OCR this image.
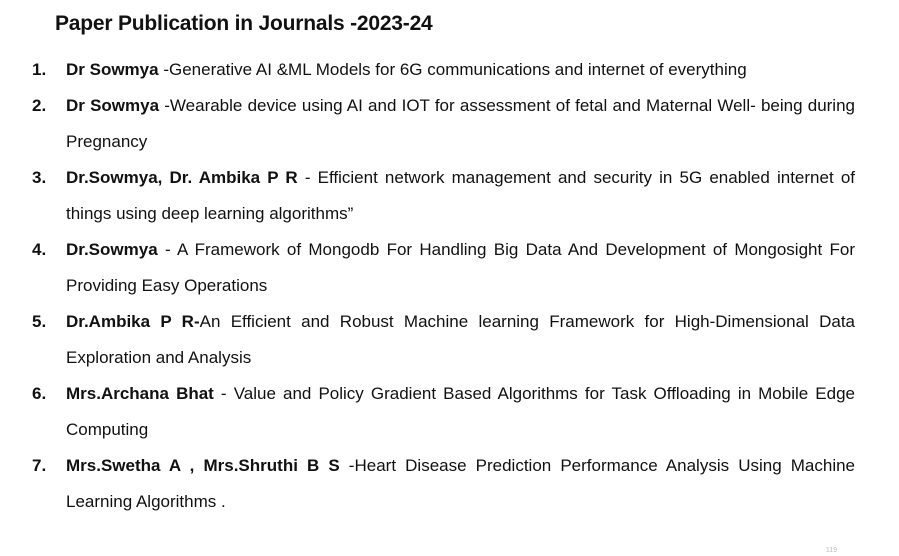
Paper Publication in Journals -2023-24
1. Dr Sowmya -Generative AI &ML Models for 6G communications and internet of everything
2. Dr Sowmya -Wearable device using AI and IOT for assessment of fetal and Maternal Well- being during Pregnancy
3. Dr.Sowmya, Dr. Ambika P R - Efficient network management and security in 5G enabled internet of things using deep learning algorithms”
4. Dr.Sowmya - A Framework of Mongodb For Handling Big Data And Development of Mongosight For Providing Easy Operations
5. Dr.Ambika P R-An Efficient and Robust Machine learning Framework for High-Dimensional Data Exploration and Analysis
6. Mrs.Archana Bhat - Value and Policy Gradient Based Algorithms for Task Offloading in Mobile Edge Computing
7. Mrs.Swetha A , Mrs.Shruthi B S -Heart Disease Prediction Performance Analysis Using Machine Learning Algorithms .
119
